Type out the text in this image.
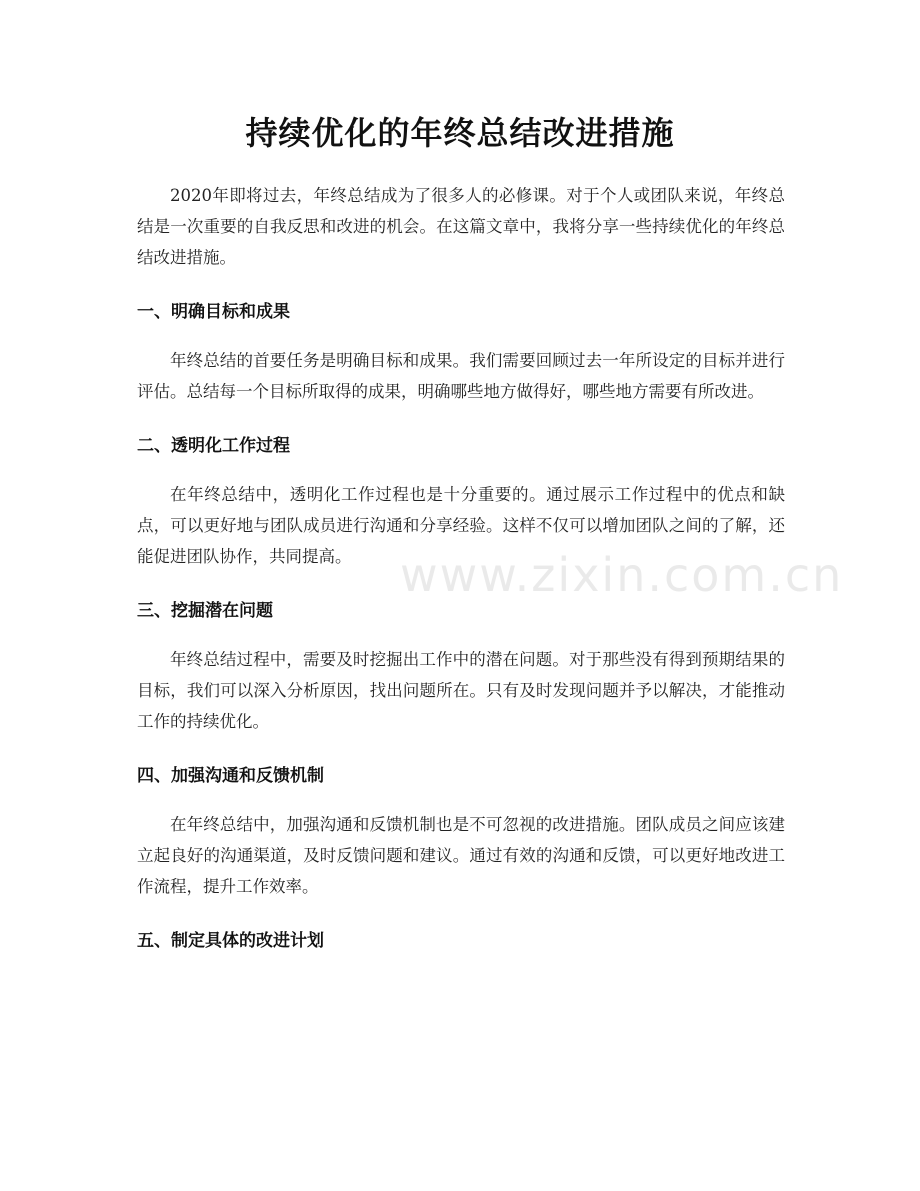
持续优化的年终总结改进措施

2020年即将过去，年终总结成为了很多人的必修课。对于个人或团队来说，年终总结是一次重要的自我反思和改进的机会。在这篇文章中，我将分享一些持续优化的年终总结改进措施。

一、明确目标和成果

年终总结的首要任务是明确目标和成果。我们需要回顾过去一年所设定的目标并进行评估。总结每一个目标所取得的成果，明确哪些地方做得好，哪些地方需要有所改进。

二、透明化工作过程

在年终总结中，透明化工作过程也是十分重要的。通过展示工作过程中的优点和缺点，可以更好地与团队成员进行沟通和分享经验。这样不仅可以增加团队之间的了解，还能促进团队协作，共同提高。

三、挖掘潜在问题

年终总结过程中，需要及时挖掘出工作中的潜在问题。对于那些没有得到预期结果的目标，我们可以深入分析原因，找出问题所在。只有及时发现问题并予以解决，才能推动工作的持续优化。

四、加强沟通和反馈机制

在年终总结中，加强沟通和反馈机制也是不可忽视的改进措施。团队成员之间应该建立起良好的沟通渠道，及时反馈问题和建议。通过有效的沟通和反馈，可以更好地改进工作流程，提升工作效率。

五、制定具体的改进计划
www.zixin.com.cn
